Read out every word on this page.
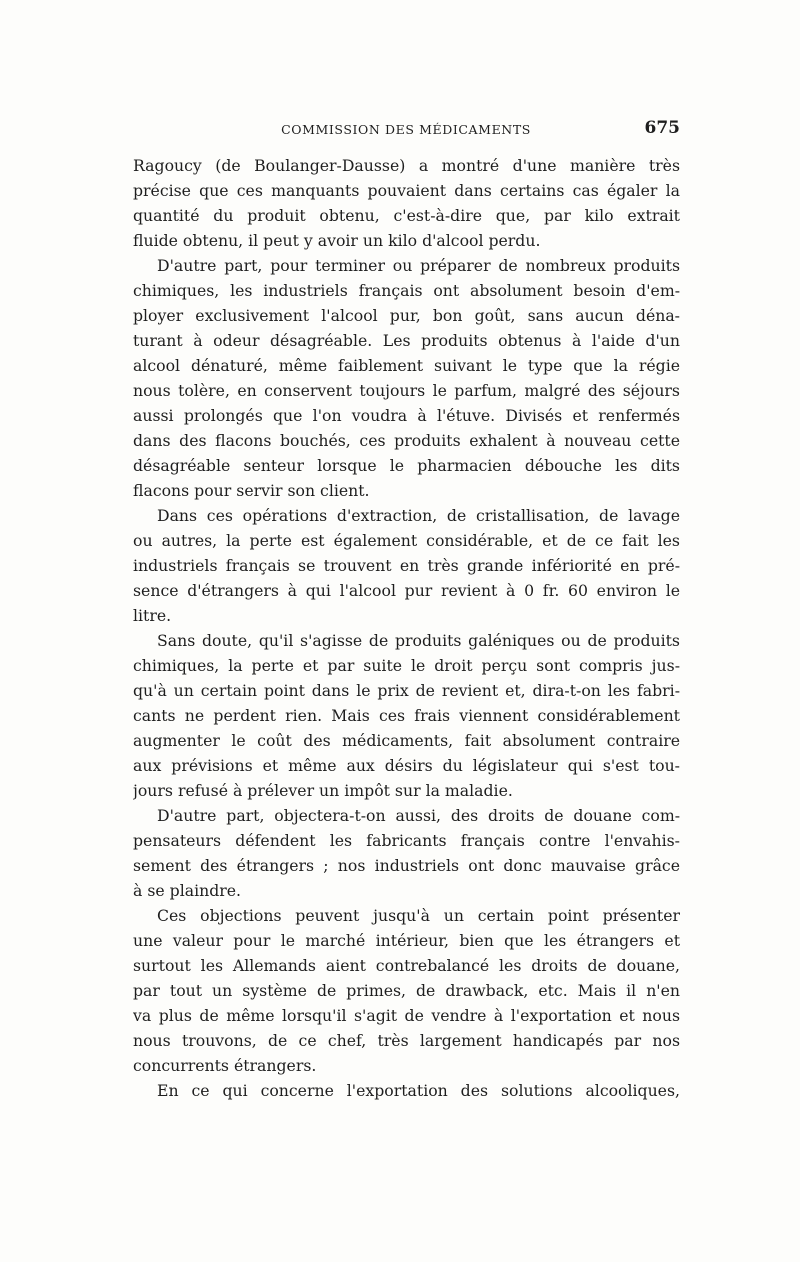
COMMISSION DES MÉDICAMENTS	675
Ragoucy (de Boulanger-Dausse) a montré d'une manière très
précise que ces manquants pouvaient dans certains cas égaler la
quantité du produit obtenu, c'est-à-dire que, par kilo extrait
fluide obtenu, il peut y avoir un kilo d'alcool perdu.
D'autre part, pour terminer ou préparer de nombreux produits
chimiques, les industriels français ont absolument besoin d'em-
ployer exclusivement l'alcool pur, bon goût, sans aucun déna-
turant à odeur désagréable. Les produits obtenus à l'aide d'un
alcool dénaturé, même faiblement suivant le type que la régie
nous tolère, en conservent toujours le parfum, malgré des séjours
aussi prolongés que l'on voudra à l'étuve. Divisés et renfermés
dans des flacons bouchés, ces produits exhalent à nouveau cette
désagréable senteur lorsque le pharmacien débouche les dits
flacons pour servir son client.
Dans ces opérations d'extraction, de cristallisation, de lavage
ou autres, la perte est également considérable, et de ce fait les
industriels français se trouvent en très grande infériorité en pré-
sence d'étrangers à qui l'alcool pur revient à 0 fr. 60 environ le
litre.
Sans doute, qu'il s'agisse de produits galéniques ou de produits
chimiques, la perte et par suite le droit perçu sont compris jus-
qu'à un certain point dans le prix de revient et, dira-t-on les fabri-
cants ne perdent rien. Mais ces frais viennent considérablement
augmenter le coût des médicaments, fait absolument contraire
aux prévisions et même aux désirs du législateur qui s'est tou-
jours refusé à prélever un impôt sur la maladie.
D'autre part, objectera-t-on aussi, des droits de douane com-
pensateurs défendent les fabricants français contre l'envahis-
sement des étrangers ; nos industriels ont donc mauvaise grâce
à se plaindre.
Ces objections peuvent jusqu'à un certain point présenter
une valeur pour le marché intérieur, bien que les étrangers et
surtout les Allemands aient contrebalancé les droits de douane,
par tout un système de primes, de drawback, etc. Mais il n'en
va plus de même lorsqu'il s'agit de vendre à l'exportation et nous
nous trouvons, de ce chef, très largement handicapés par nos
concurrents étrangers.
En ce qui concerne l'exportation des solutions alcooliques,
